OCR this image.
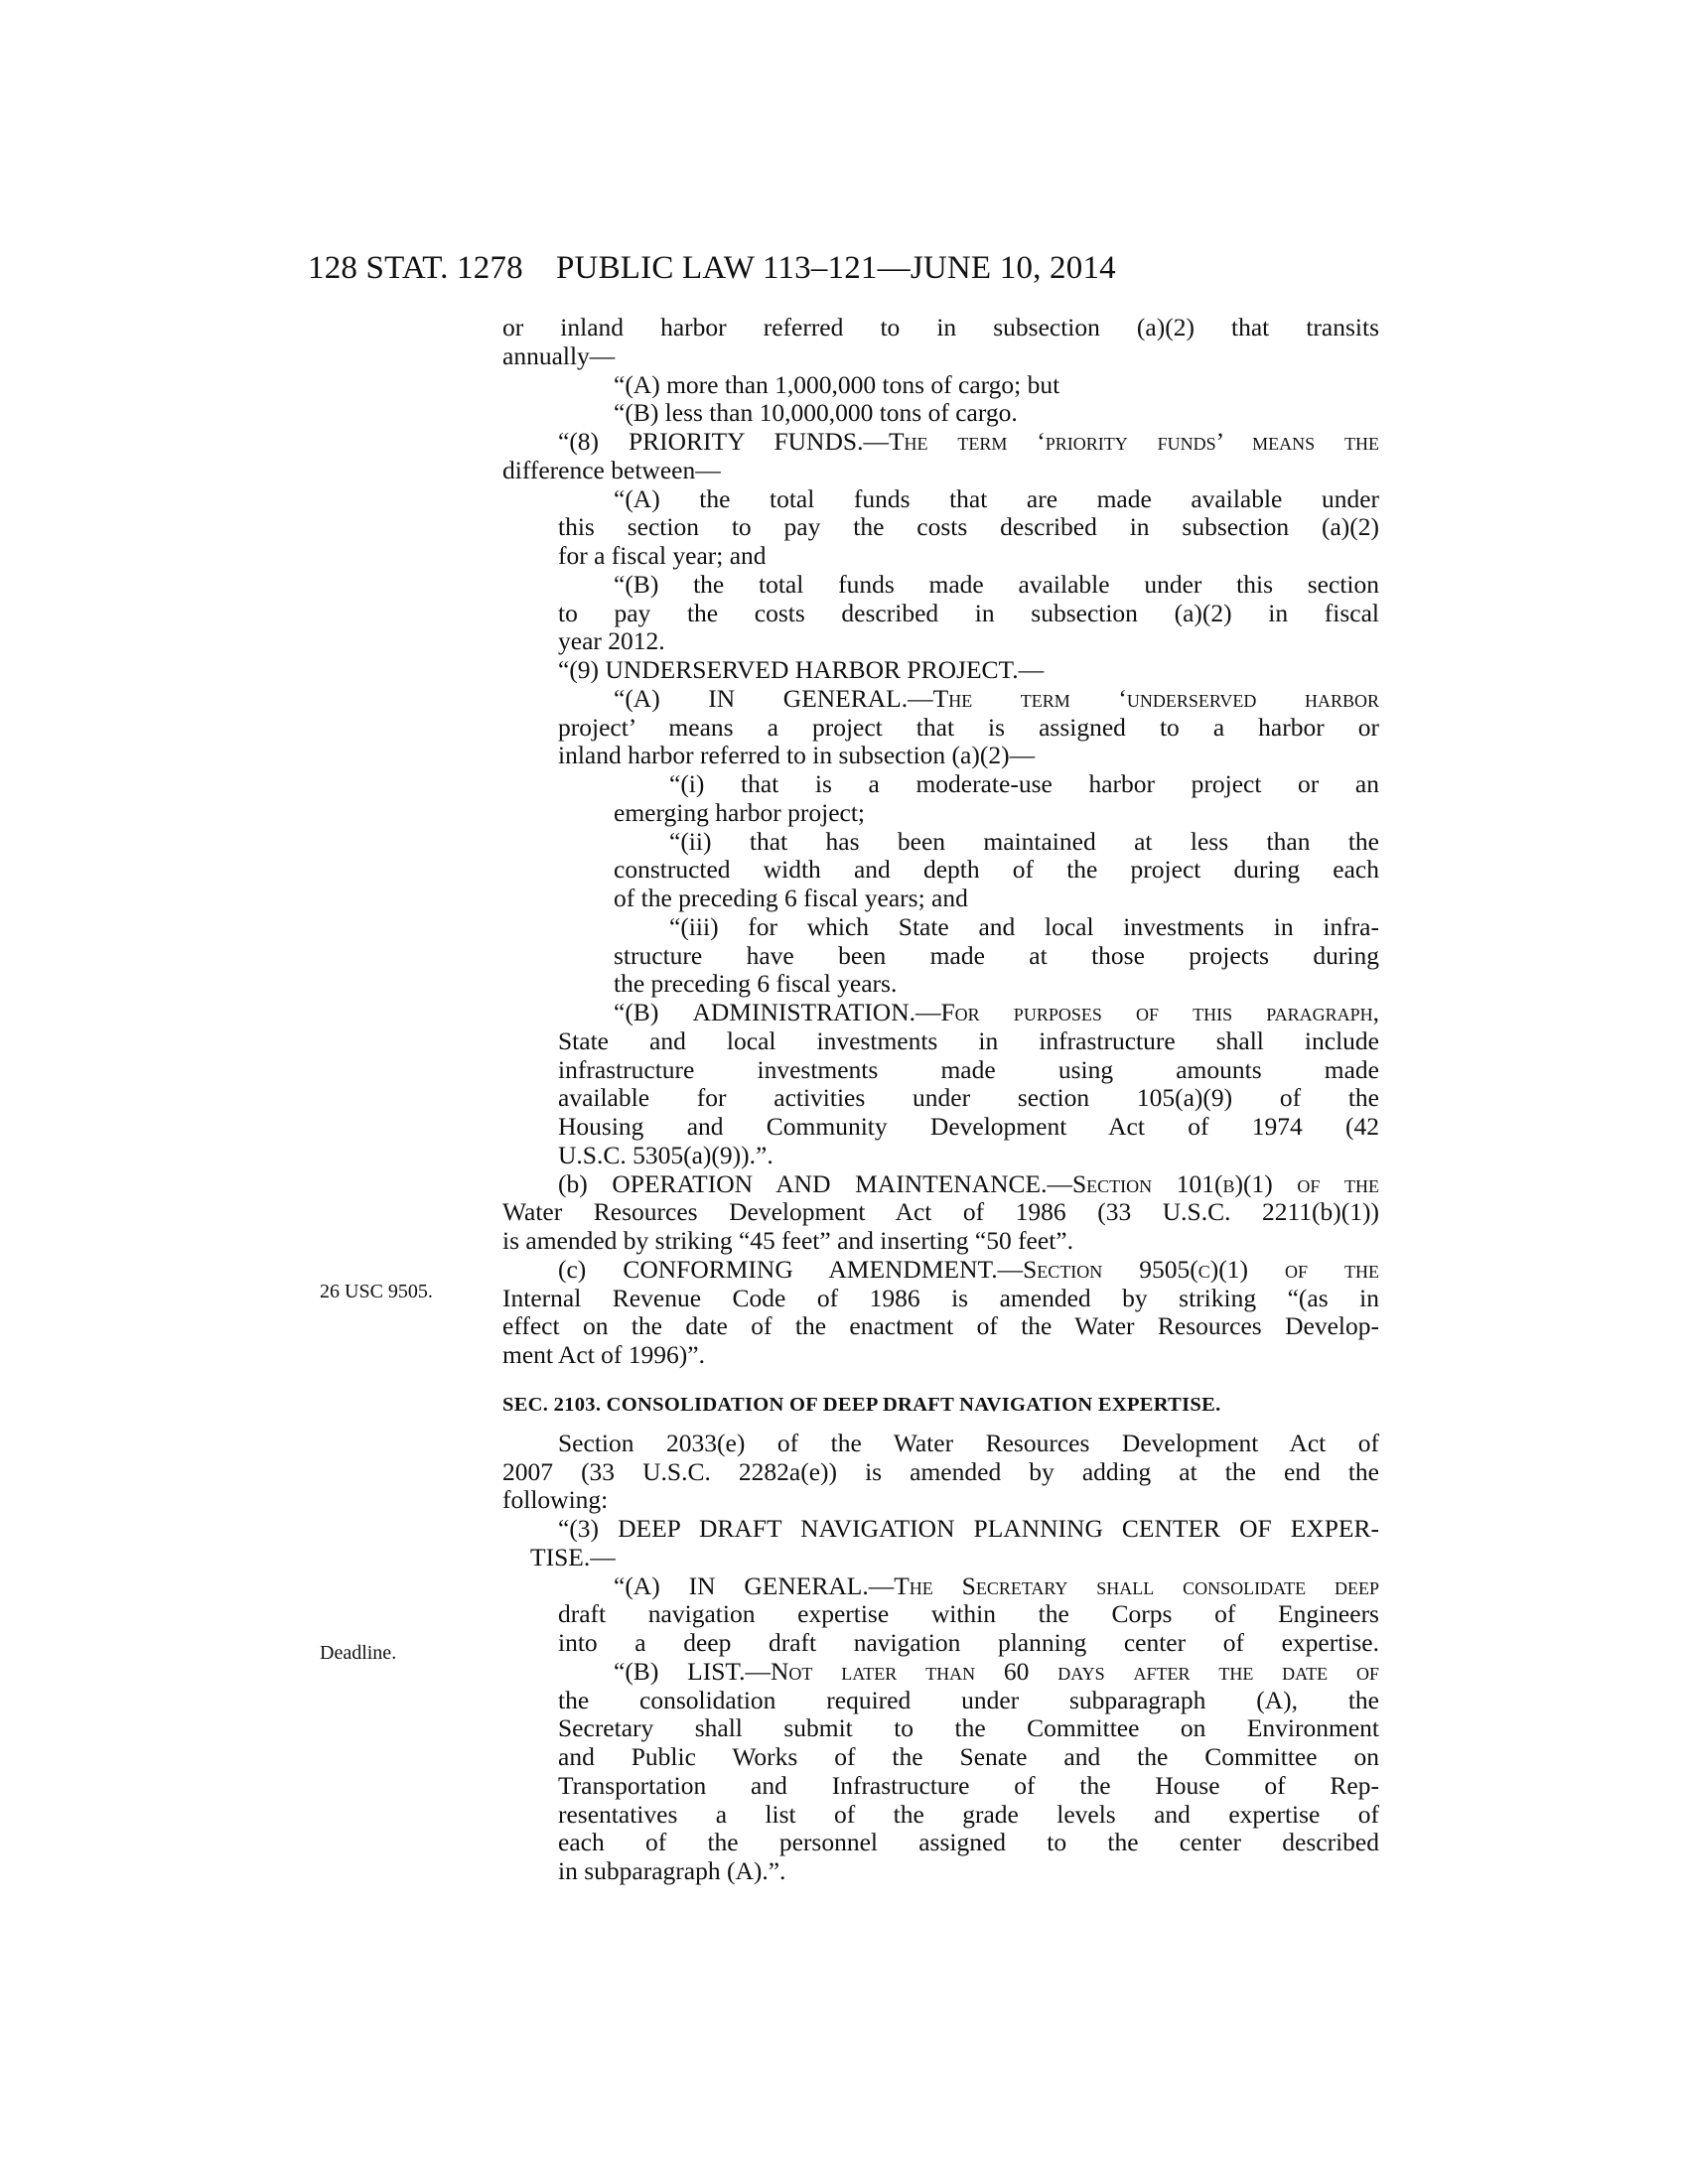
128 STAT. 1278 PUBLIC LAW 113–121—JUNE 10, 2014
26 USC 9505.
Deadline.
or inland harbor referred to in subsection (a)(2) that transits
annually—
“(A) more than 1,000,000 tons of cargo; but
“(B) less than 10,000,000 tons of cargo.
“(8) PRIORITY FUNDS.—The term ‘priority funds’ means the
difference between—
“(A) the total funds that are made available under
this section to pay the costs described in subsection (a)(2)
for a fiscal year; and
“(B) the total funds made available under this section
to pay the costs described in subsection (a)(2) in fiscal
year 2012.
“(9) UNDERSERVED HARBOR PROJECT.—
“(A) IN GENERAL.—The term ‘underserved harbor
project’ means a project that is assigned to a harbor or
inland harbor referred to in subsection (a)(2)—
“(i) that is a moderate-use harbor project or an
emerging harbor project;
“(ii) that has been maintained at less than the
constructed width and depth of the project during each
of the preceding 6 fiscal years; and
“(iii) for which State and local investments in infra-
structure have been made at those projects during
the preceding 6 fiscal years.
“(B) ADMINISTRATION.—For purposes of this paragraph,
State and local investments in infrastructure shall include
infrastructure investments made using amounts made
available for activities under section 105(a)(9) of the
Housing and Community Development Act of 1974 (42
U.S.C. 5305(a)(9)).”.
(b) OPERATION AND MAINTENANCE.—Section 101(b)(1) of the
Water Resources Development Act of 1986 (33 U.S.C. 2211(b)(1))
is amended by striking “45 feet” and inserting “50 feet”.
(c) CONFORMING AMENDMENT.—Section 9505(c)(1) of the
Internal Revenue Code of 1986 is amended by striking “(as in
effect on the date of the enactment of the Water Resources Develop-
ment Act of 1996)”.
SEC. 2103. CONSOLIDATION OF DEEP DRAFT NAVIGATION EXPERTISE.
Section 2033(e) of the Water Resources Development Act of
2007 (33 U.S.C. 2282a(e)) is amended by adding at the end the
following:
“(3) DEEP DRAFT NAVIGATION PLANNING CENTER OF EXPER-
TISE.—
“(A) IN GENERAL.—The Secretary shall consolidate deep
draft navigation expertise within the Corps of Engineers
into a deep draft navigation planning center of expertise.
“(B) LIST.—Not later than 60 days after the date of
the consolidation required under subparagraph (A), the
Secretary shall submit to the Committee on Environment
and Public Works of the Senate and the Committee on
Transportation and Infrastructure of the House of Rep-
resentatives a list of the grade levels and expertise of
each of the personnel assigned to the center described
in subparagraph (A).”.
